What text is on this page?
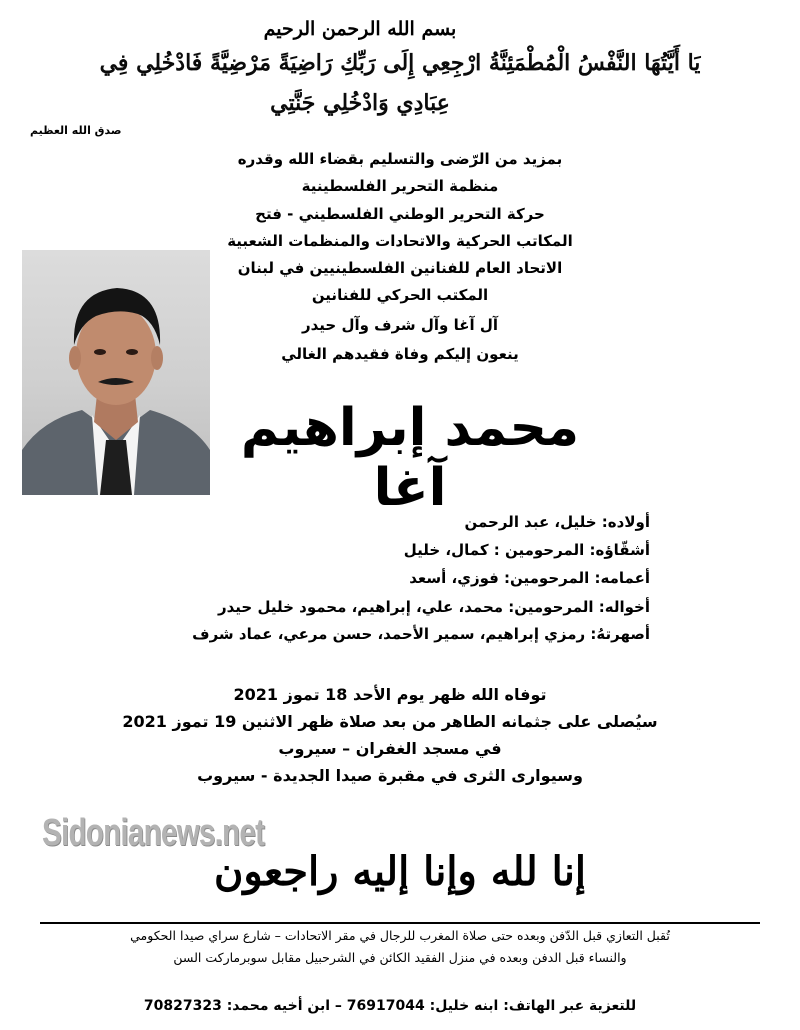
بسم الله الرحمن الرحيم
يَا أَيَّتُهَا النَّفْسُ الْمُطْمَئِنَّةُ ارْجِعِي إِلَى رَبِّكِ رَاضِيَةً مَرْضِيَّةً فَادْخُلِي فِي
عِبَادِي وَادْخُلِي جَنَّتِي
صدق الله العظيم
بمزيد من الرّضى والتسليم بقضاء الله وقدره
منظمة التحرير الفلسطينية
حركة التحرير الوطني الفلسطيني - فتح
المكاتب الحركية والاتحادات والمنظمات الشعبية
الاتحاد العام للفنانين الفلسطينيين في لبنان
المكتب الحركي للفنانين
آل آغا وآل شرف وآل حيدر
ينعون إليكم وفاة فقيدهم الغالي
محمد إبراهيم آغا
أولاده: خليل، عبد الرحمن
أشقّاؤه: المرحومين : كمال، خليل
أعمامه: المرحومين: فوزي، أسعد
أخواله: المرحومين: محمد، علي، إبراهيم، محمود خليل حيدر
أصهرتهُ: رمزي إبراهيم، سمير الأحمد، حسن مرعي، عماد شرف
توفاه الله ظهر يوم الأحد 18 تموز 2021
سيُصلى على جثمانه الطاهر من بعد صلاة ظهر الاثنين 19 تموز 2021
في مسجد الغفران – سيروب
وسيوارى الثرى في مقبرة صيدا الجديدة - سيروب
Sidonianews.net
إنا لله وإنا إليه راجعون
تُقبل التعازي قبل الدّفن وبعده حتى صلاة المغرب للرجال في مقر الاتحادات – شارع سراي صيدا الحكومي
والنساء قبل الدفن وبعده في منزل الفقيد الكائن في الشرحبيل مقابل سوبرماركت السن
للتعزية عبر الهاتف: ابنه خليل: 76917044 – ابن أخيه محمد: 70827323
